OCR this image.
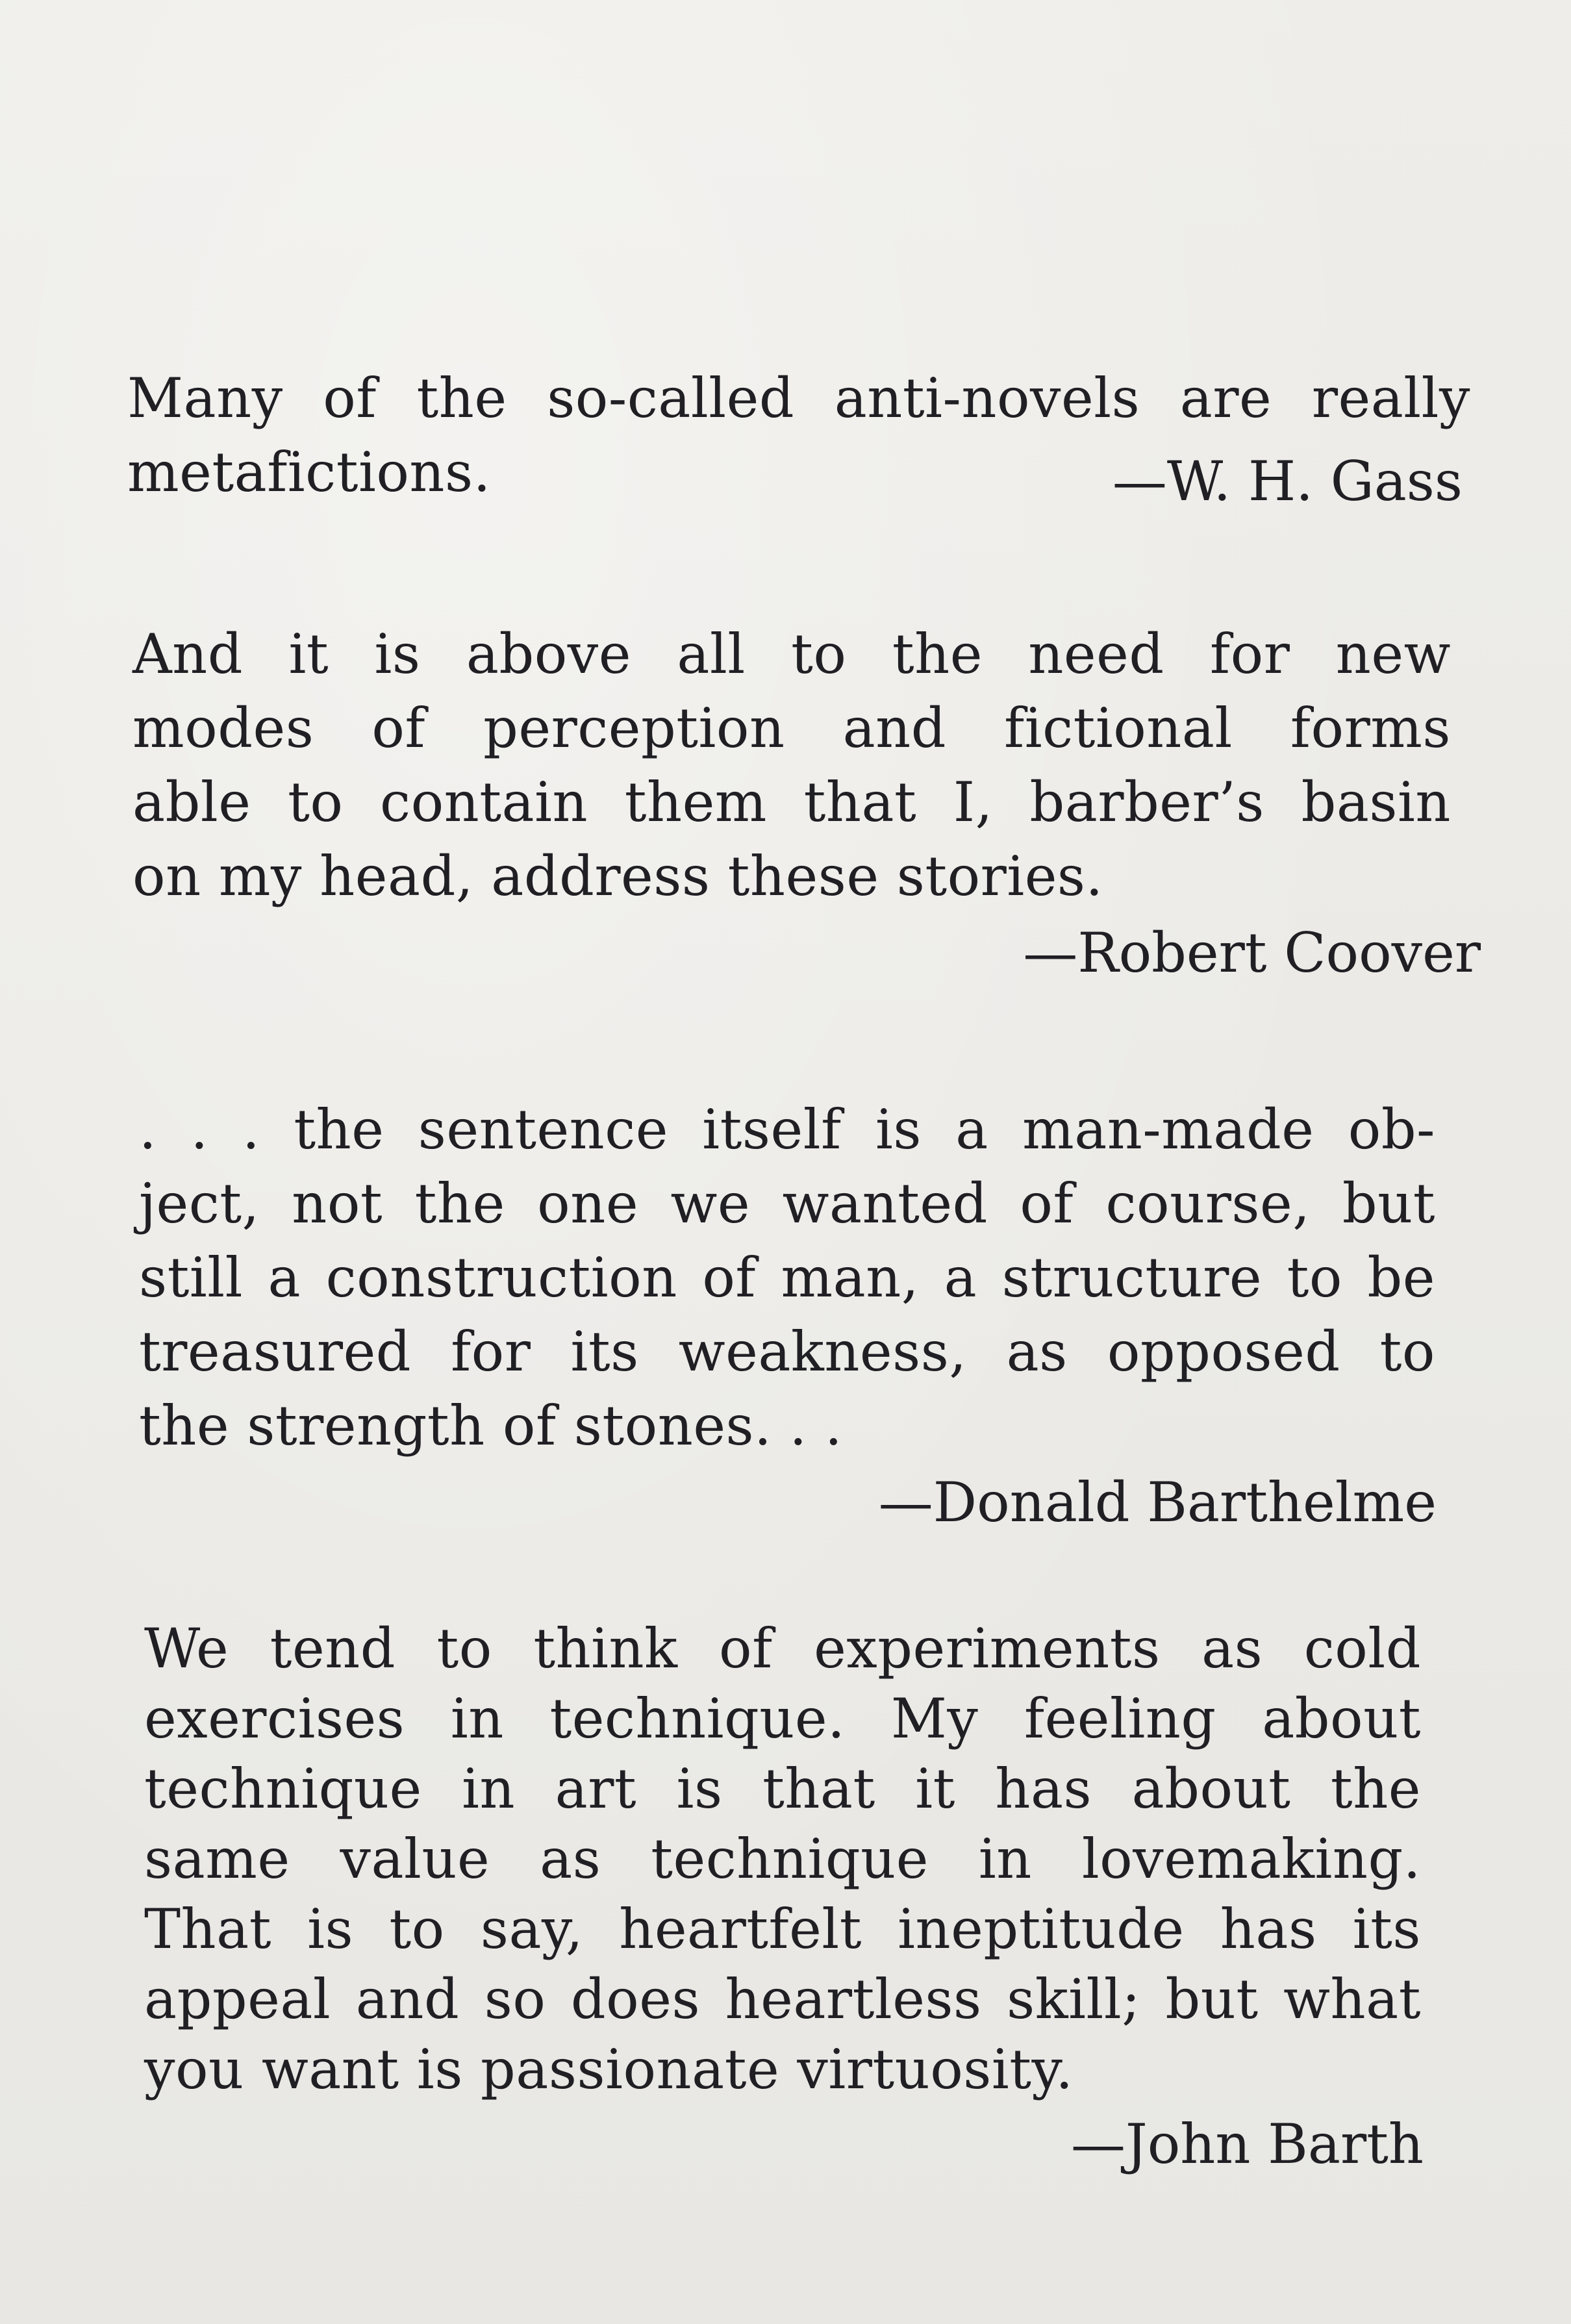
Many of the so-called anti-novels are really
metafictions.	—W. H. Gass
And it is above all to the need for new
modes of perception and fictional forms
able to contain them that I, barber’s basin
on my head, address these stories.
—Robert Coover
. . . the sentence itself is a man-made ob-
ject, not the one we wanted of course, but
still a construction of man, a structure to be
treasured for its weakness, as opposed to
the strength of stones. . .
—Donald Barthelme
We tend to think of experiments as cold
exercises in technique. My feeling about
technique in art is that it has about the
same value as technique in lovemaking.
That is to say, heartfelt ineptitude has its
appeal and so does heartless skill; but what
you want is passionate virtuosity.
—John Barth
